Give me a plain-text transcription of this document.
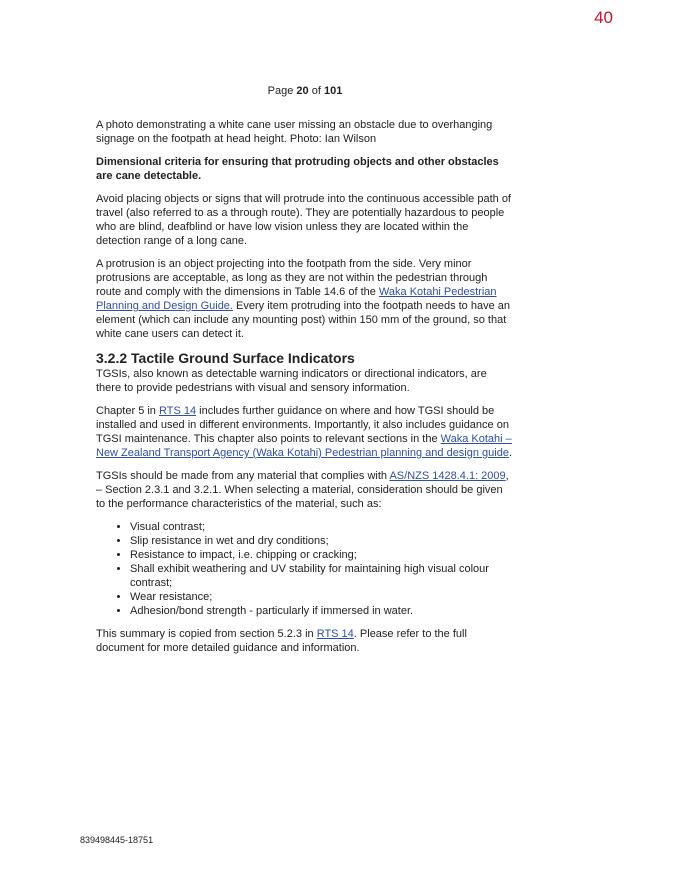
40
Page 20 of 101

A photo demonstrating a white cane user missing an obstacle due to overhanging signage on the footpath at head height. Photo: Ian Wilson

Dimensional criteria for ensuring that protruding objects and other obstacles are cane detectable.

Avoid placing objects or signs that will protrude into the continuous accessible path of travel (also referred to as a through route). They are potentially hazardous to people who are blind, deafblind or have low vision unless they are located within the detection range of a long cane.

A protrusion is an object projecting into the footpath from the side. Very minor protrusions are acceptable, as long as they are not within the pedestrian through route and comply with the dimensions in Table 14.6 of the Waka Kotahi Pedestrian Planning and Design Guide. Every item protruding into the footpath needs to have an element (which can include any mounting post) within 150 mm of the ground, so that white cane users can detect it.

3.2.2 Tactile Ground Surface Indicators

TGSIs, also known as detectable warning indicators or directional indicators, are there to provide pedestrians with visual and sensory information.

Chapter 5 in RTS 14 includes further guidance on where and how TGSI should be installed and used in different environments. Importantly, it also includes guidance on TGSI maintenance. This chapter also points to relevant sections in the Waka Kotahi – New Zealand Transport Agency (Waka Kotahi) Pedestrian planning and design guide.

TGSIs should be made from any material that complies with AS/NZS 1428.4.1: 2009, – Section 2.3.1 and 3.2.1. When selecting a material, consideration should be given to the performance characteristics of the material, such as:

• Visual contrast;
• Slip resistance in wet and dry conditions;
• Resistance to impact, i.e. chipping or cracking;
• Shall exhibit weathering and UV stability for maintaining high visual colour contrast;
• Wear resistance;
• Adhesion/bond strength - particularly if immersed in water.

This summary is copied from section 5.2.3 in RTS 14. Please refer to the full document for more detailed guidance and information.

839498445-18751
